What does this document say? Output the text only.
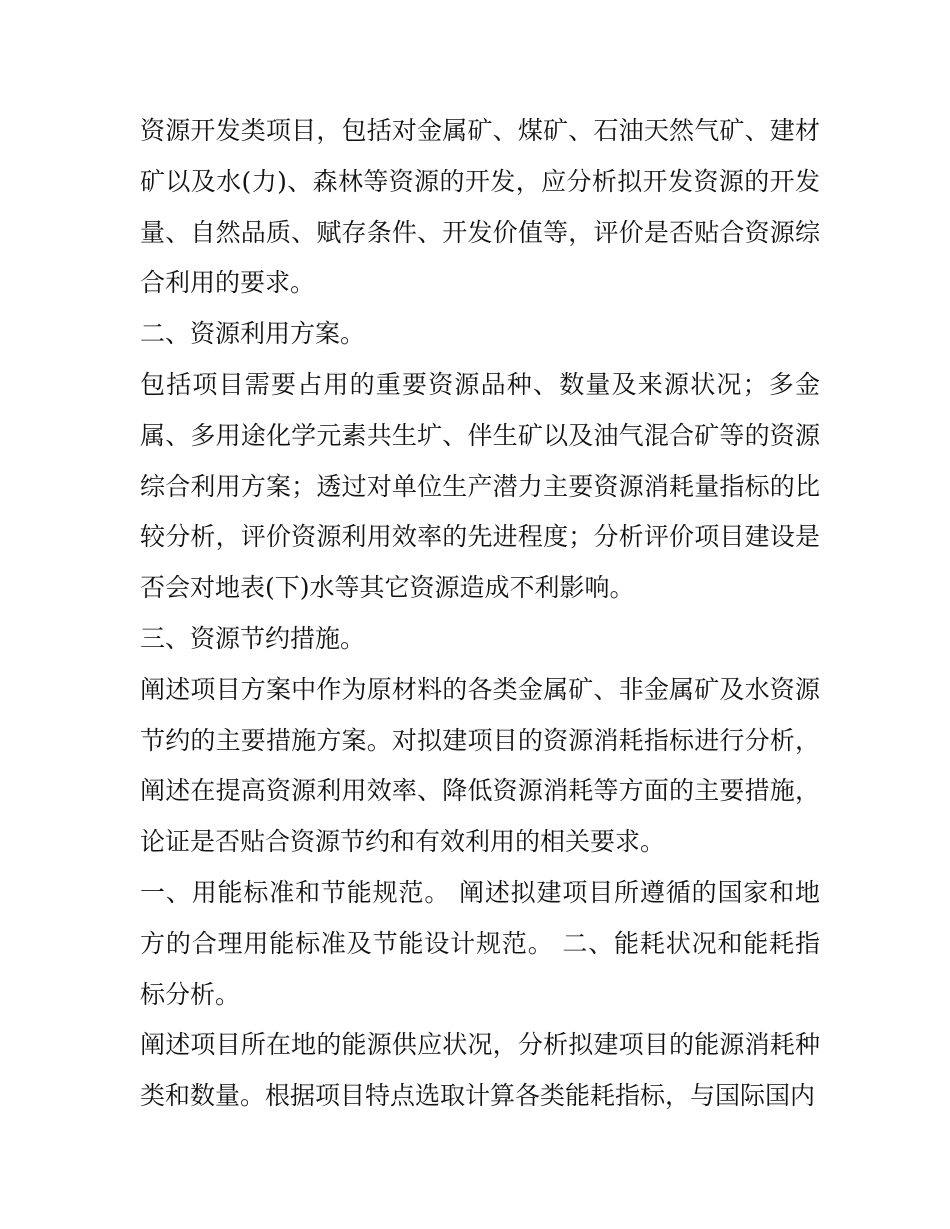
资源开发类项目，包括对金属矿、煤矿、石油天然气矿、建材矿以及水(力)、森林等资源的开发，应分析拟开发资源的开发量、自然品质、赋存条件、开发价值等，评价是否贴合资源综合利用的要求。

二、资源利用方案。

包括项目需要占用的重要资源品种、数量及来源状况；多金属、多用途化学元素共生圹、伴生矿以及油气混合矿等的资源综合利用方案；透过对单位生产潜力主要资源消耗量指标的比较分析，评价资源利用效率的先进程度；分析评价项目建设是否会对地表(下)水等其它资源造成不利影响。

三、资源节约措施。

阐述项目方案中作为原材料的各类金属矿、非金属矿及水资源节约的主要措施方案。对拟建项目的资源消耗指标进行分析，阐述在提高资源利用效率、降低资源消耗等方面的主要措施，论证是否贴合资源节约和有效利用的相关要求。

一、用能标准和节能规范。 阐述拟建项目所遵循的国家和地方的合理用能标准及节能设计规范。 二、能耗状况和能耗指标分析。

阐述项目所在地的能源供应状况，分析拟建项目的能源消耗种类和数量。根据项目特点选取计算各类能耗指标，与国际国内
